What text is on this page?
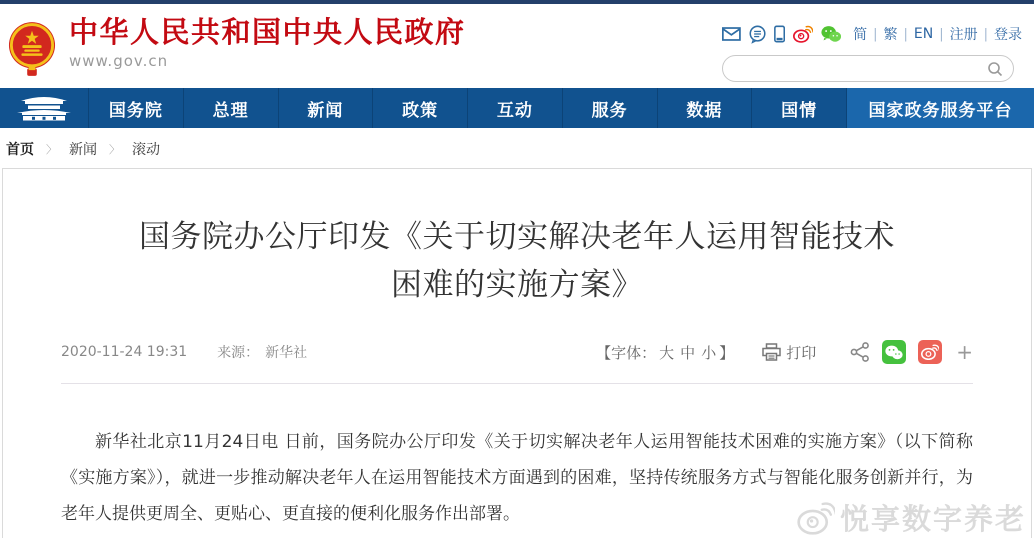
中华人民共和国中央人民政府
www.gov.cn
简 | 繁 | EN | 注册 | 登录
国务院	总理	新闻	政策	互动	服务	数据	国情	国家政务服务平台
首页 〉 新闻 〉 滚动
国务院办公厅印发《关于切实解决老年人运用智能技术困难的实施方案》
2020-11-24 19:31 来源： 新华社	【字体： 大 中 小 】	打印	+

新华社北京11月24日电 日前，国务院办公厅印发《关于切实解决老年人运用智能技术困难的实施方案》（以下简称《实施方案》），就进一步推动解决老年人在运用智能技术方面遇到的困难，坚持传统服务方式与智能化服务创新并行，为老年人提供更周全、更贴心、更直接的便利化服务作出部署。	悦享数字养老
